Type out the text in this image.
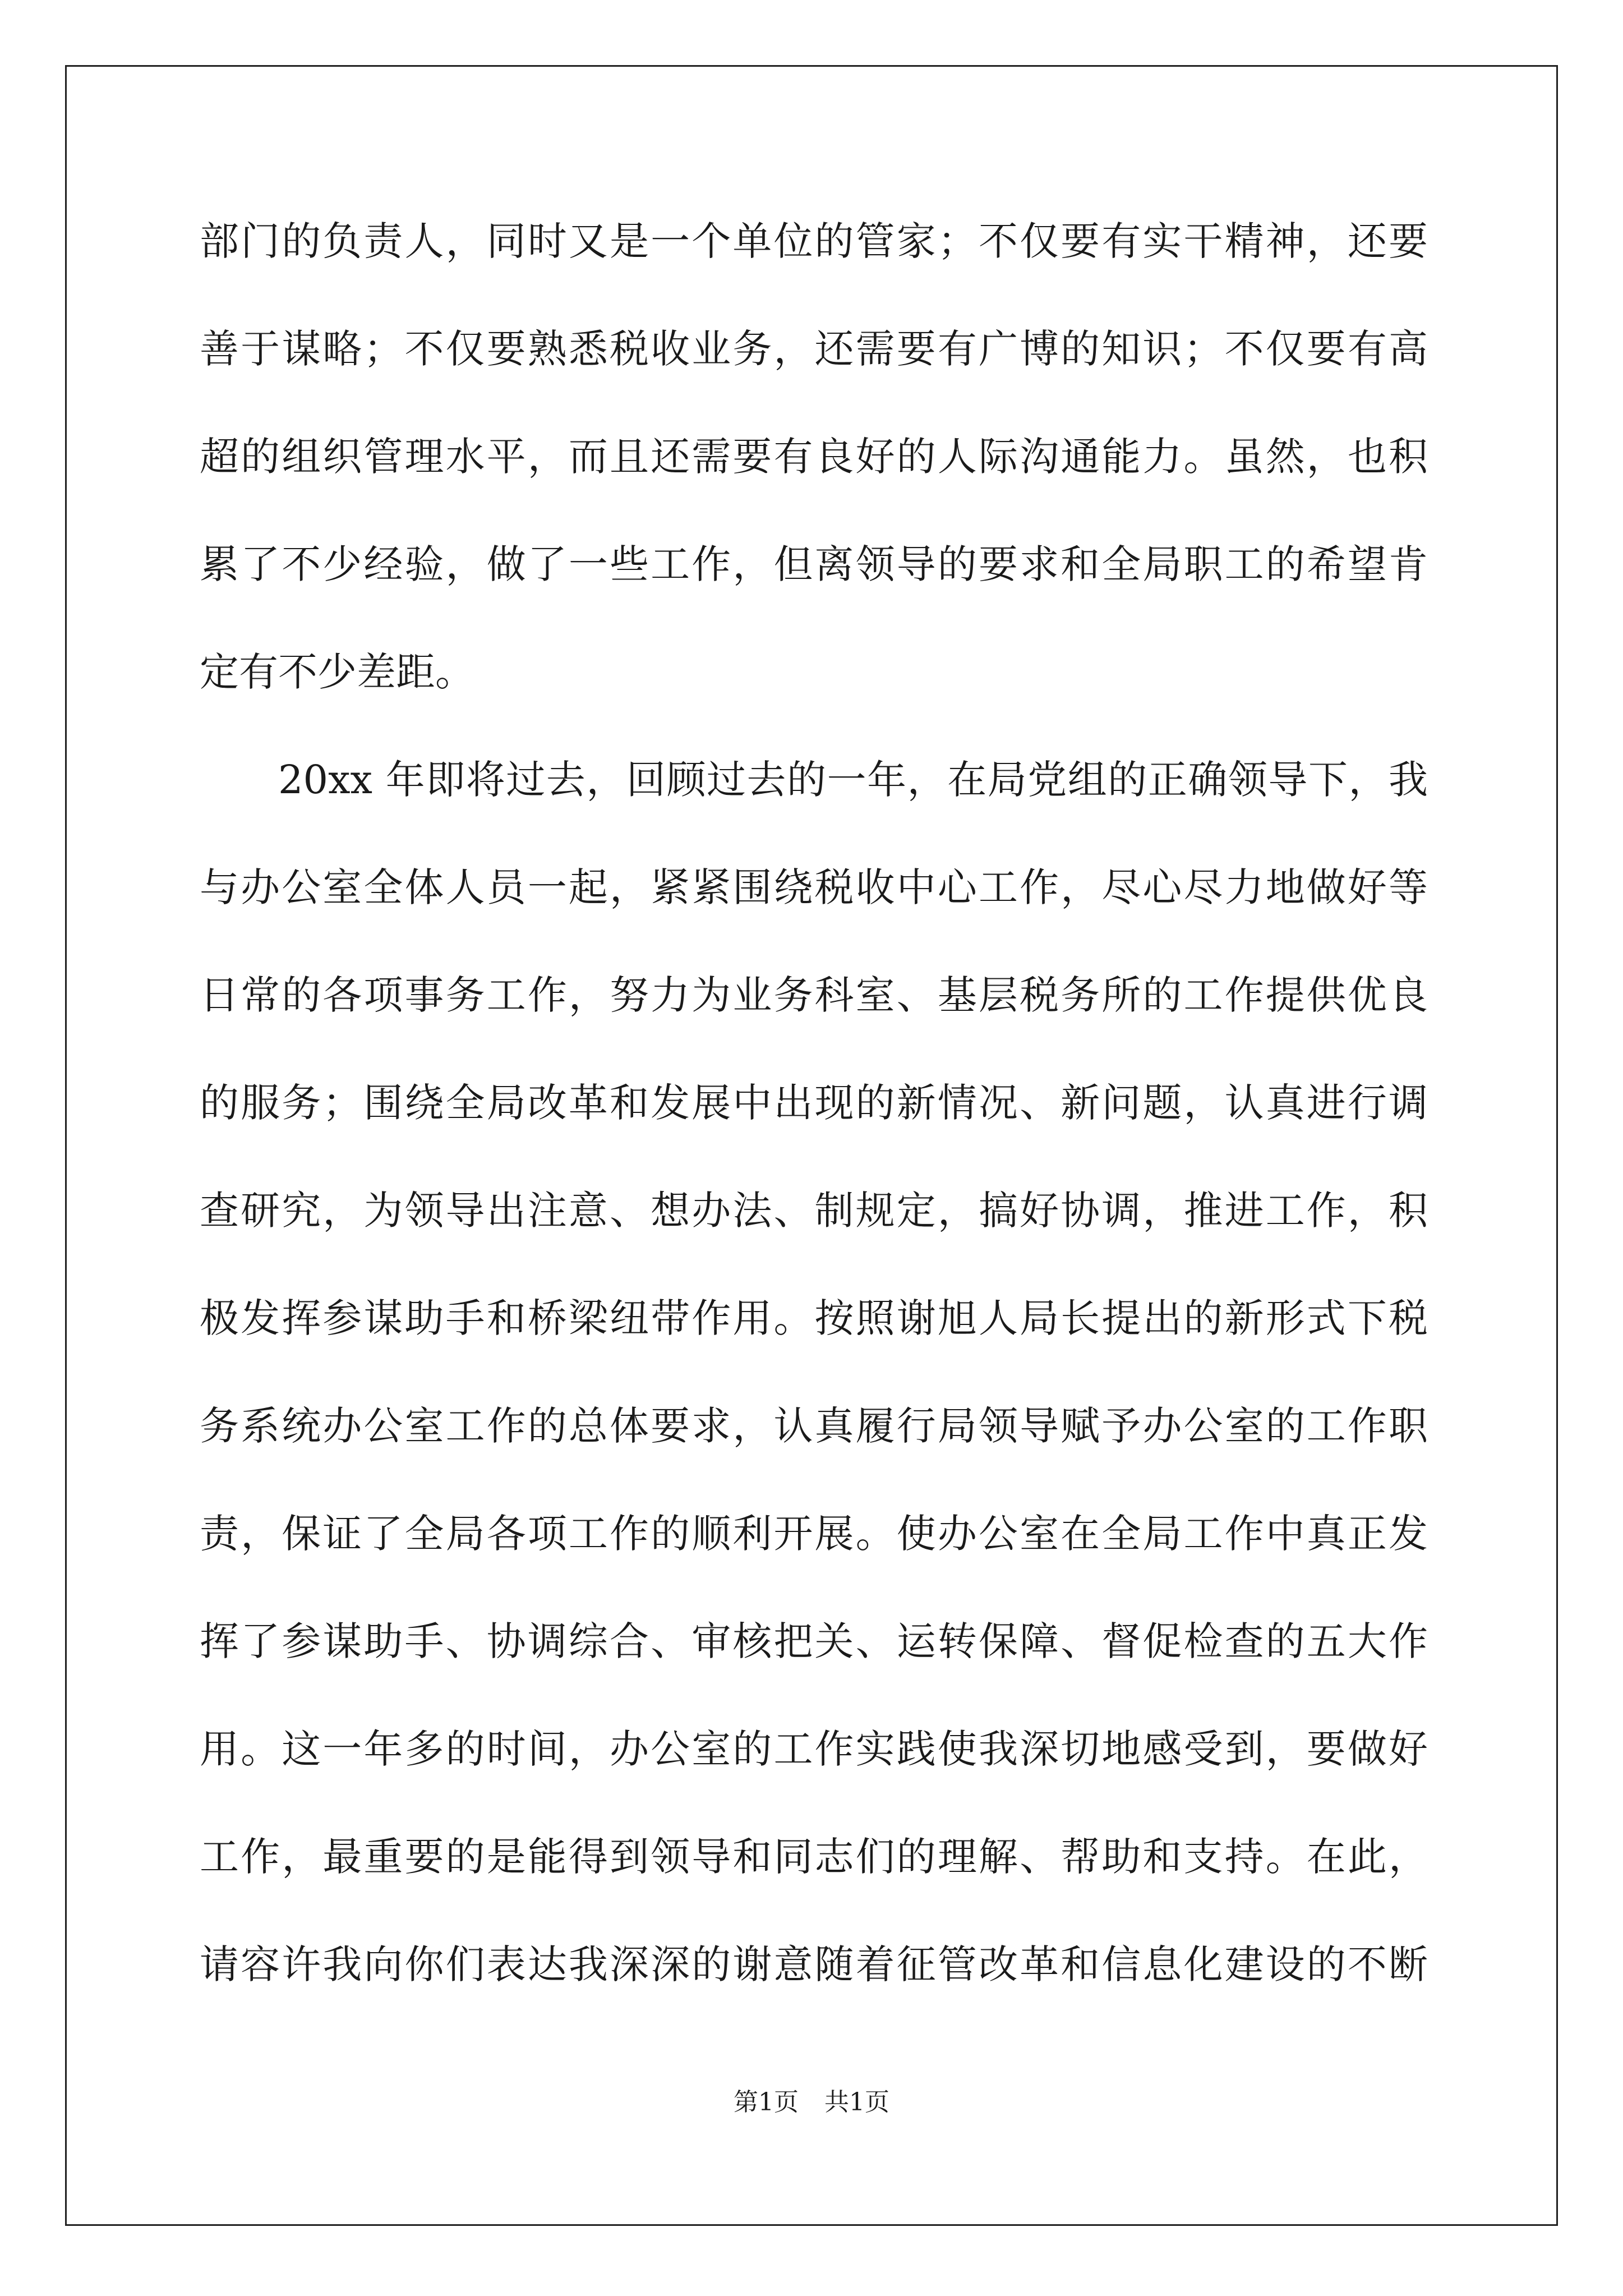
部门的负责人，同时又是一个单位的管家；不仅要有实干精神，还要
善于谋略；不仅要熟悉税收业务，还需要有广博的知识；不仅要有高
超的组织管理水平，而且还需要有良好的人际沟通能力。虽然，也积
累了不少经验，做了一些工作，但离领导的要求和全局职工的希望肯
定有不少差距。
20xx 年即将过去，回顾过去的一年，在局党组的正确领导下，我
与办公室全体人员一起，紧紧围绕税收中心工作，尽心尽力地做好等
日常的各项事务工作，努力为业务科室、基层税务所的工作提供优良
的服务；围绕全局改革和发展中出现的新情况、新问题，认真进行调
查研究，为领导出注意、想办法、制规定，搞好协调，推进工作，积
极发挥参谋助手和桥梁纽带作用。按照谢旭人局长提出的新形式下税
务系统办公室工作的总体要求，认真履行局领导赋予办公室的工作职
责，保证了全局各项工作的顺利开展。使办公室在全局工作中真正发
挥了参谋助手、协调综合、审核把关、运转保障、督促检查的五大作
用。这一年多的时间，办公室的工作实践使我深切地感受到，要做好
工作，最重要的是能得到领导和同志们的理解、帮助和支持。在此，
请容许我向你们表达我深深的谢意随着征管改革和信息化建设的不断
第1页 共1页
